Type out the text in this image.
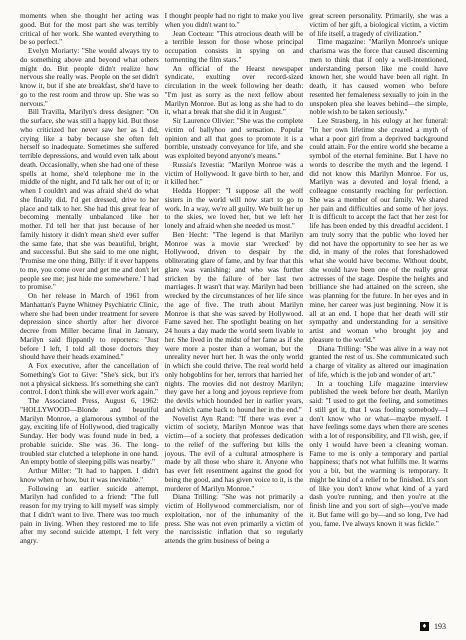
moments when she thought her acting was good. But for the most part she was terribly critical of her work. She wanted everything to be so perfect."

Evelyn Moriarty: "She would always try to do something above and beyond what others might do. But people didn't realize how nervous she really was. People on the set didn't know it, but if she ate breakfast, she'd have to go to the rest room and throw up. She was so nervous."

Bill Travilla, Marilyn's dress designer: "On the surface, she was still a happy kid. But those who criticized her never saw her as I did, crying like a baby because she often felt herself so inadequate. Sometimes she suffered terrible depressions, and would even talk about death. Occasionally, when she had one of these spells at home, she'd telephone me in the middle of the night, and I'd talk her out of it; or when I couldn't and was afraid she'd do what she finally did, I'd get dressed, drive to her place and talk to her. She had this great fear of becoming mentally unbalanced like her mother. I'd tell her that just because of her family history it didn't mean she'd ever suffer the same fate, that she was beautiful, bright, and successful. But she said to me one night, 'Promise me one thing, Billy: if it ever happens to me, you come over and get me and don't let people see me; just hide me somewhere.' I had to promise."

On her release in March of 1961 from Manhattan's Payne Whitney Psychiatric Clinic, where she had been under treatment for severe depression since shortly after her divorce decree from Miller became final in January, Marilyn said flippantly to reporters: "Just before I left, I told all those doctors they should have their heads examined."

A Fox executive, after the cancellation of Something's Got to Give: "She's sick, but it's not a physical sickness. It's something she can't control. I don't think she will ever work again."

The Associated Press, August 6, 1962: "HOLLYWOOD—Blonde and beautiful Marilyn Monroe, a glamorous symbol of the gay, exciting life of Hollywood, died tragically Sunday. Her body was found nude in bed, a probable suicide. She was 36. The long-troubled star clutched a telephone in one hand. An empty bottle of sleeping pills was nearby."

Arthur Miller: "It had to happen. I didn't know when or how, but it was inevitable."

Following an earlier suicide attempt, Marilyn had confided to a friend: "The full reason for my trying to kill myself was simply that I didn't want to live. There was too much pain in living. When they restored me to life after my second suicide attempt, I felt very angry.

I thought people had no right to make you live when you didn't want to."

Jean Cocteau: "This atrocious death will be a terrible lesson for those whose principal occupation consists in spying on and tormenting the film stars."

An official of the Hearst newspaper syndicate, exulting over record-sized circulation in the week following her death: "I'm just as sorry as the next fellow about Marilyn Monroe. But as long as she had to do it, what a break that she did it in August."

Sir Laurence Olivier: "She was the complete victim of ballyhoo and sensation. Popular opinion and all that goes to promote it is a horrible, unsteady conveyance for life, and she was exploited beyond anyone's means."

Russia's Izvestia: "Marilyn Monroe was a victim of Hollywood. It gave birth to her, and it killed her."

Hedda Hopper: "I suppose all the wolf sisters in the world will now start to go to work. In a way, we're all guilty. We built her up to the skies, we loved her, but we left her lonely and afraid when she needed us most."

Ben Hecht: "The legend is that Marilyn Monroe was a movie star 'wrecked' by Hollywood, driven to despair by the obliterating glare of fame, and by fear that this glare was vanishing; and who was further stricken by the failure of her last two marriages. It wasn't that way. Marilyn had been wrecked by the circumstances of her life since the age of five. The truth about Marilyn Monroe is that she was saved by Hollywood. Fame saved her. The spotlight beating on her 24 hours a day made the world seem livable to her. She lived in the midst of her fame as if she were more a poster than a woman, but the unreality never hurt her. It was the only world in which she could thrive. The real world held only hobgoblins for her, terrors that harried her nights. The movies did not destroy Marilyn; they gave her a long and joyous reprieve from the devils which hounded her in earlier years, and which came back to hound her in the end."

Novelist Ayn Rand: "If there was ever a victim of society, Marilyn Monroe was that victim—of a society that professes dedication to the relief of the suffering but kills the joyous. The evil of a cultural atmosphere is made by all those who share it. Anyone who has ever felt resentment against the good for being the good, and has given voice to it, is the murderer of Marilyn Monroe."

Diana Trilling: "She was not primarily a victim of Hollywood commercialism, nor of exploitation, nor of the inhumanity of the press. She was not even primarily a victim of the narcissistic inflation that so regularly attends the grim business of being a

great screen personality. Primarily, she was a victim of her gift, a biological victim, a victim of life itself, a tragedy of civilization."

Time magazine: "Marilyn Monroe's unique charisma was the force that caused discerning men to think that if only a well-intentioned, understanding person like me could have known her, she would have been all right. In death, it has caused women who before resented her femaleness sexually to join in the unspoken plea she leaves behind—the simple, noble wish to be taken seriously."

Lee Strasberg, in his eulogy at her funeral: "In her own lifetime she created a myth of what a poor girl from a deprived background could attain. For the entire world she became a symbol of the eternal feminine. But I have no words to describe the myth and the legend. I did not know this Marilyn Monroe. For us, Marilyn was a devoted and loyal friend, a colleague constantly reaching for perfection. She was a member of our family. We shared her pain and difficulties and some of her joys. It is difficult to accept the fact that her zest for life has been ended by this dreadful accident. I am truly sorry that the public who loved her did not have the opportunity to see her as we did, in many of the roles that foreshadowed what she would have become. Without doubt, she would have been one of the really great actresses of the stage. Despite the heights and brilliance she had attained on the screen, she was planning for the future. In her eyes and in mine, her career was just beginning. Now it is all at an end. I hope that her death will stir sympathy and understanding for a sensitive artist and woman who brought joy and pleasure to the world."

Diana Trilling: "She was alive in a way not granted the rest of us. She communicated such a charge of vitality as altered our imagination of life, which is the job and wonder of art."

In a touching Life magazine interview published the week before her death, Marilyn said: "I used to get the feeling, and sometimes I still get it, that I was fooling somebody—I don't know who or what—maybe myself. I have feelings some days when there are scenes with a lot of responsibility, and I'll wish, gee, if only I would have been a cleaning woman. Fame to me is only a temporary and partial happiness; that's not what fulfills me. It warms you a bit, but the warming is temporary. It might be kind of a relief to be finished. It's sort of like you don't know what kind of a yard dash you're running, and then you're at the finish line and you sort of sigh—you've made it. But fame will go by—and so long, I've had you, fame. I've always known it was fickle."

♦ 193
